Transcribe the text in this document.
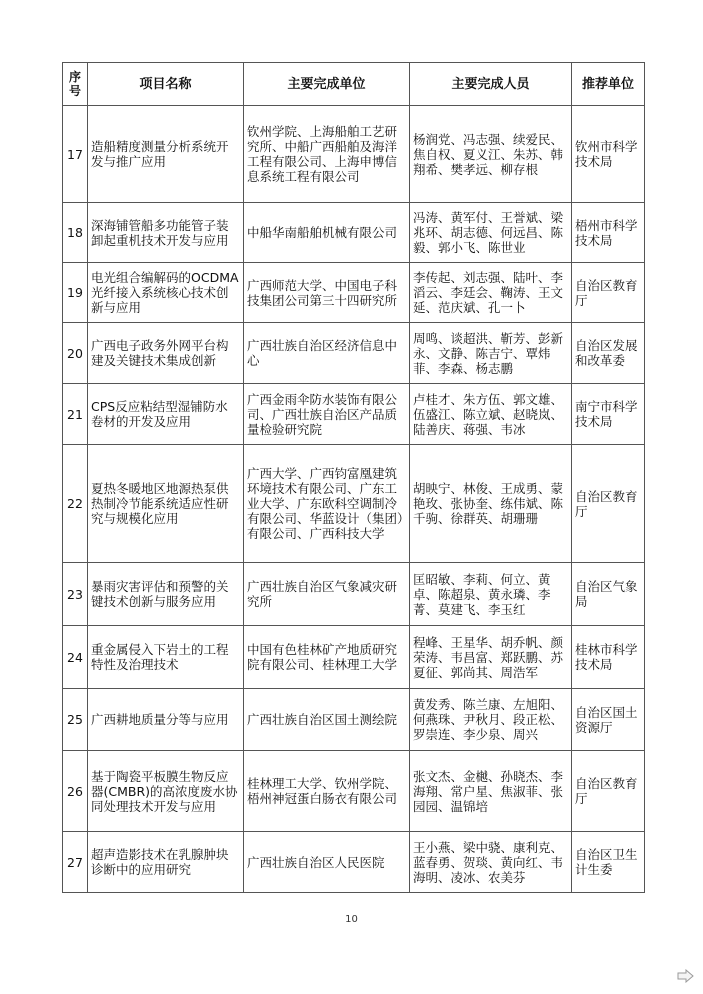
序号	项目名称	主要完成单位	主要完成人员	推荐单位
17	造船精度测量分析系统开发与推广应用	钦州学院、上海船舶工艺研究所、中船广西船舶及海洋工程有限公司、上海申博信息系统工程有限公司	杨润党、冯志强、续爱民、焦自权、夏义江、朱苏、韩翔希、樊孝远、柳存根	钦州市科学技术局
18	深海铺管船多功能管子装卸起重机技术开发与应用	中船华南船舶机械有限公司	冯涛、黄军付、王誉斌、梁兆环、胡志德、何远昌、陈毅、郭小飞、陈世业	梧州市科学技术局
19	电光组合编解码的OCDMA光纤接入系统核心技术创新与应用	广西师范大学、中国电子科技集团公司第三十四研究所	李传起、刘志强、陆叶、李滔云、李廷会、鞠涛、王文延、范庆斌、孔一卜	自治区教育厅
20	广西电子政务外网平台构建及关键技术集成创新	广西壮族自治区经济信息中心	周鸣、谈超洪、靳芳、彭新永、文静、陈吉宁、覃炜菲、李森、杨志鹏	自治区发展和改革委
21	CPS反应粘结型湿铺防水卷材的开发及应用	广西金雨伞防水装饰有限公司、广西壮族自治区产品质量检验研究院	卢桂才、朱方伍、郭文雄、伍盛江、陈立斌、赵晓岚、陆善庆、蒋强、韦冰	南宁市科学技术局
22	夏热冬暖地区地源热泵供热制冷节能系统适应性研究与规模化应用	广西大学、广西钧富凰建筑环境技术有限公司、广东工业大学、广东欧科空调制冷有限公司、华蓝设计（集团）有限公司、广西科技大学	胡映宁、林俊、王成勇、蒙艳玫、张协奎、练伟斌、陈千驹、徐群英、胡珊珊	自治区教育厅
23	暴雨灾害评估和预警的关键技术创新与服务应用	广西壮族自治区气象减灾研究所	匡昭敏、李莉、何立、黄卓、陈超泉、黄永璘、李菁、莫建飞、李玉红	自治区气象局
24	重金属侵入下岩土的工程特性及治理技术	中国有色桂林矿产地质研究院有限公司、桂林理工大学	程峰、王星华、胡乔帆、颜荣涛、韦昌富、郑跃鹏、苏夏征、郭尚其、周浩军	桂林市科学技术局
25	广西耕地质量分等与应用	广西壮族自治区国土测绘院	黄发秀、陈兰康、左旭阳、何燕珠、尹秋月、段正松、罗崇连、李少泉、周兴	自治区国土资源厅
26	基于陶瓷平板膜生物反应器(CMBR)的高浓度废水协同处理技术开发与应用	桂林理工大学、钦州学院、梧州神冠蛋白肠衣有限公司	张文杰、金樾、孙晓杰、李海翔、常户星、焦淑菲、张园园、温锦培	自治区教育厅
27	超声造影技术在乳腺肿块诊断中的应用研究	广西壮族自治区人民医院	王小燕、梁中骁、康利克、蓝春勇、贺琰、黄向红、韦海明、凌冰、农美芬	自治区卫生计生委
10
